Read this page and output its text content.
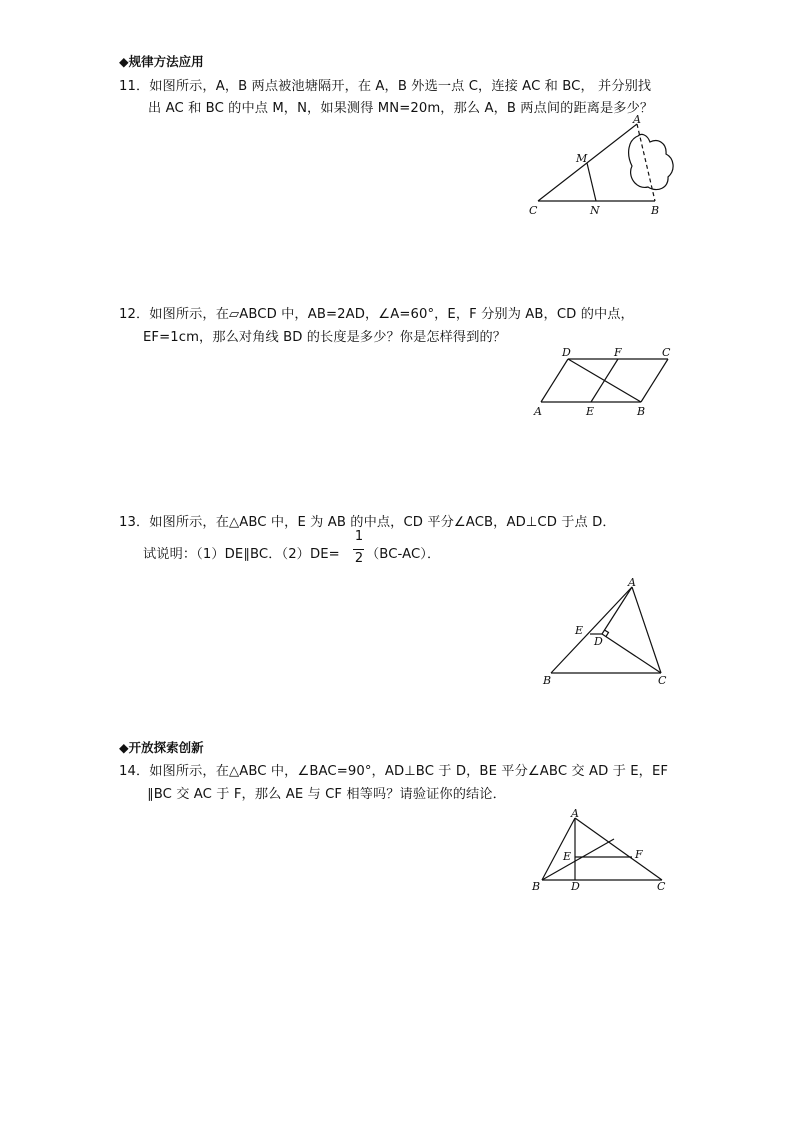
◆规律方法应用
11．如图所示，A，B 两点被池塘隔开，在 A，B 外选一点 C，连接 AC 和 BC， 并分别找
出 AC 和 BC 的中点 M，N，如果测得 MN=20m，那么 A，B 两点间的距离是多少？
A
M
C	N	B
12．如图所示，在▱ABCD 中，AB=2AD，∠A=60°，E，F 分别为 AB，CD 的中点，
EF=1cm，那么对角线 BD 的长度是多少？你是怎样得到的？
D	F	C
A	E	B
13．如图所示，在△ABC 中，E 为 AB 的中点，CD 平分∠ACB，AD⊥CD 于点 D．
试说明：（1）DE∥BC．（2）DE=
1
2 （BC-AC）．
A
E
D
B	C
◆开放探索创新
14．如图所示，在△ABC 中，∠BAC=90°，AD⊥BC 于 D，BE 平分∠ABC 交 AD 于 E，EF
∥BC 交 AC 于 F，那么 AE 与 CF 相等吗？请验证你的结论．
A
E	F
B	D	C
